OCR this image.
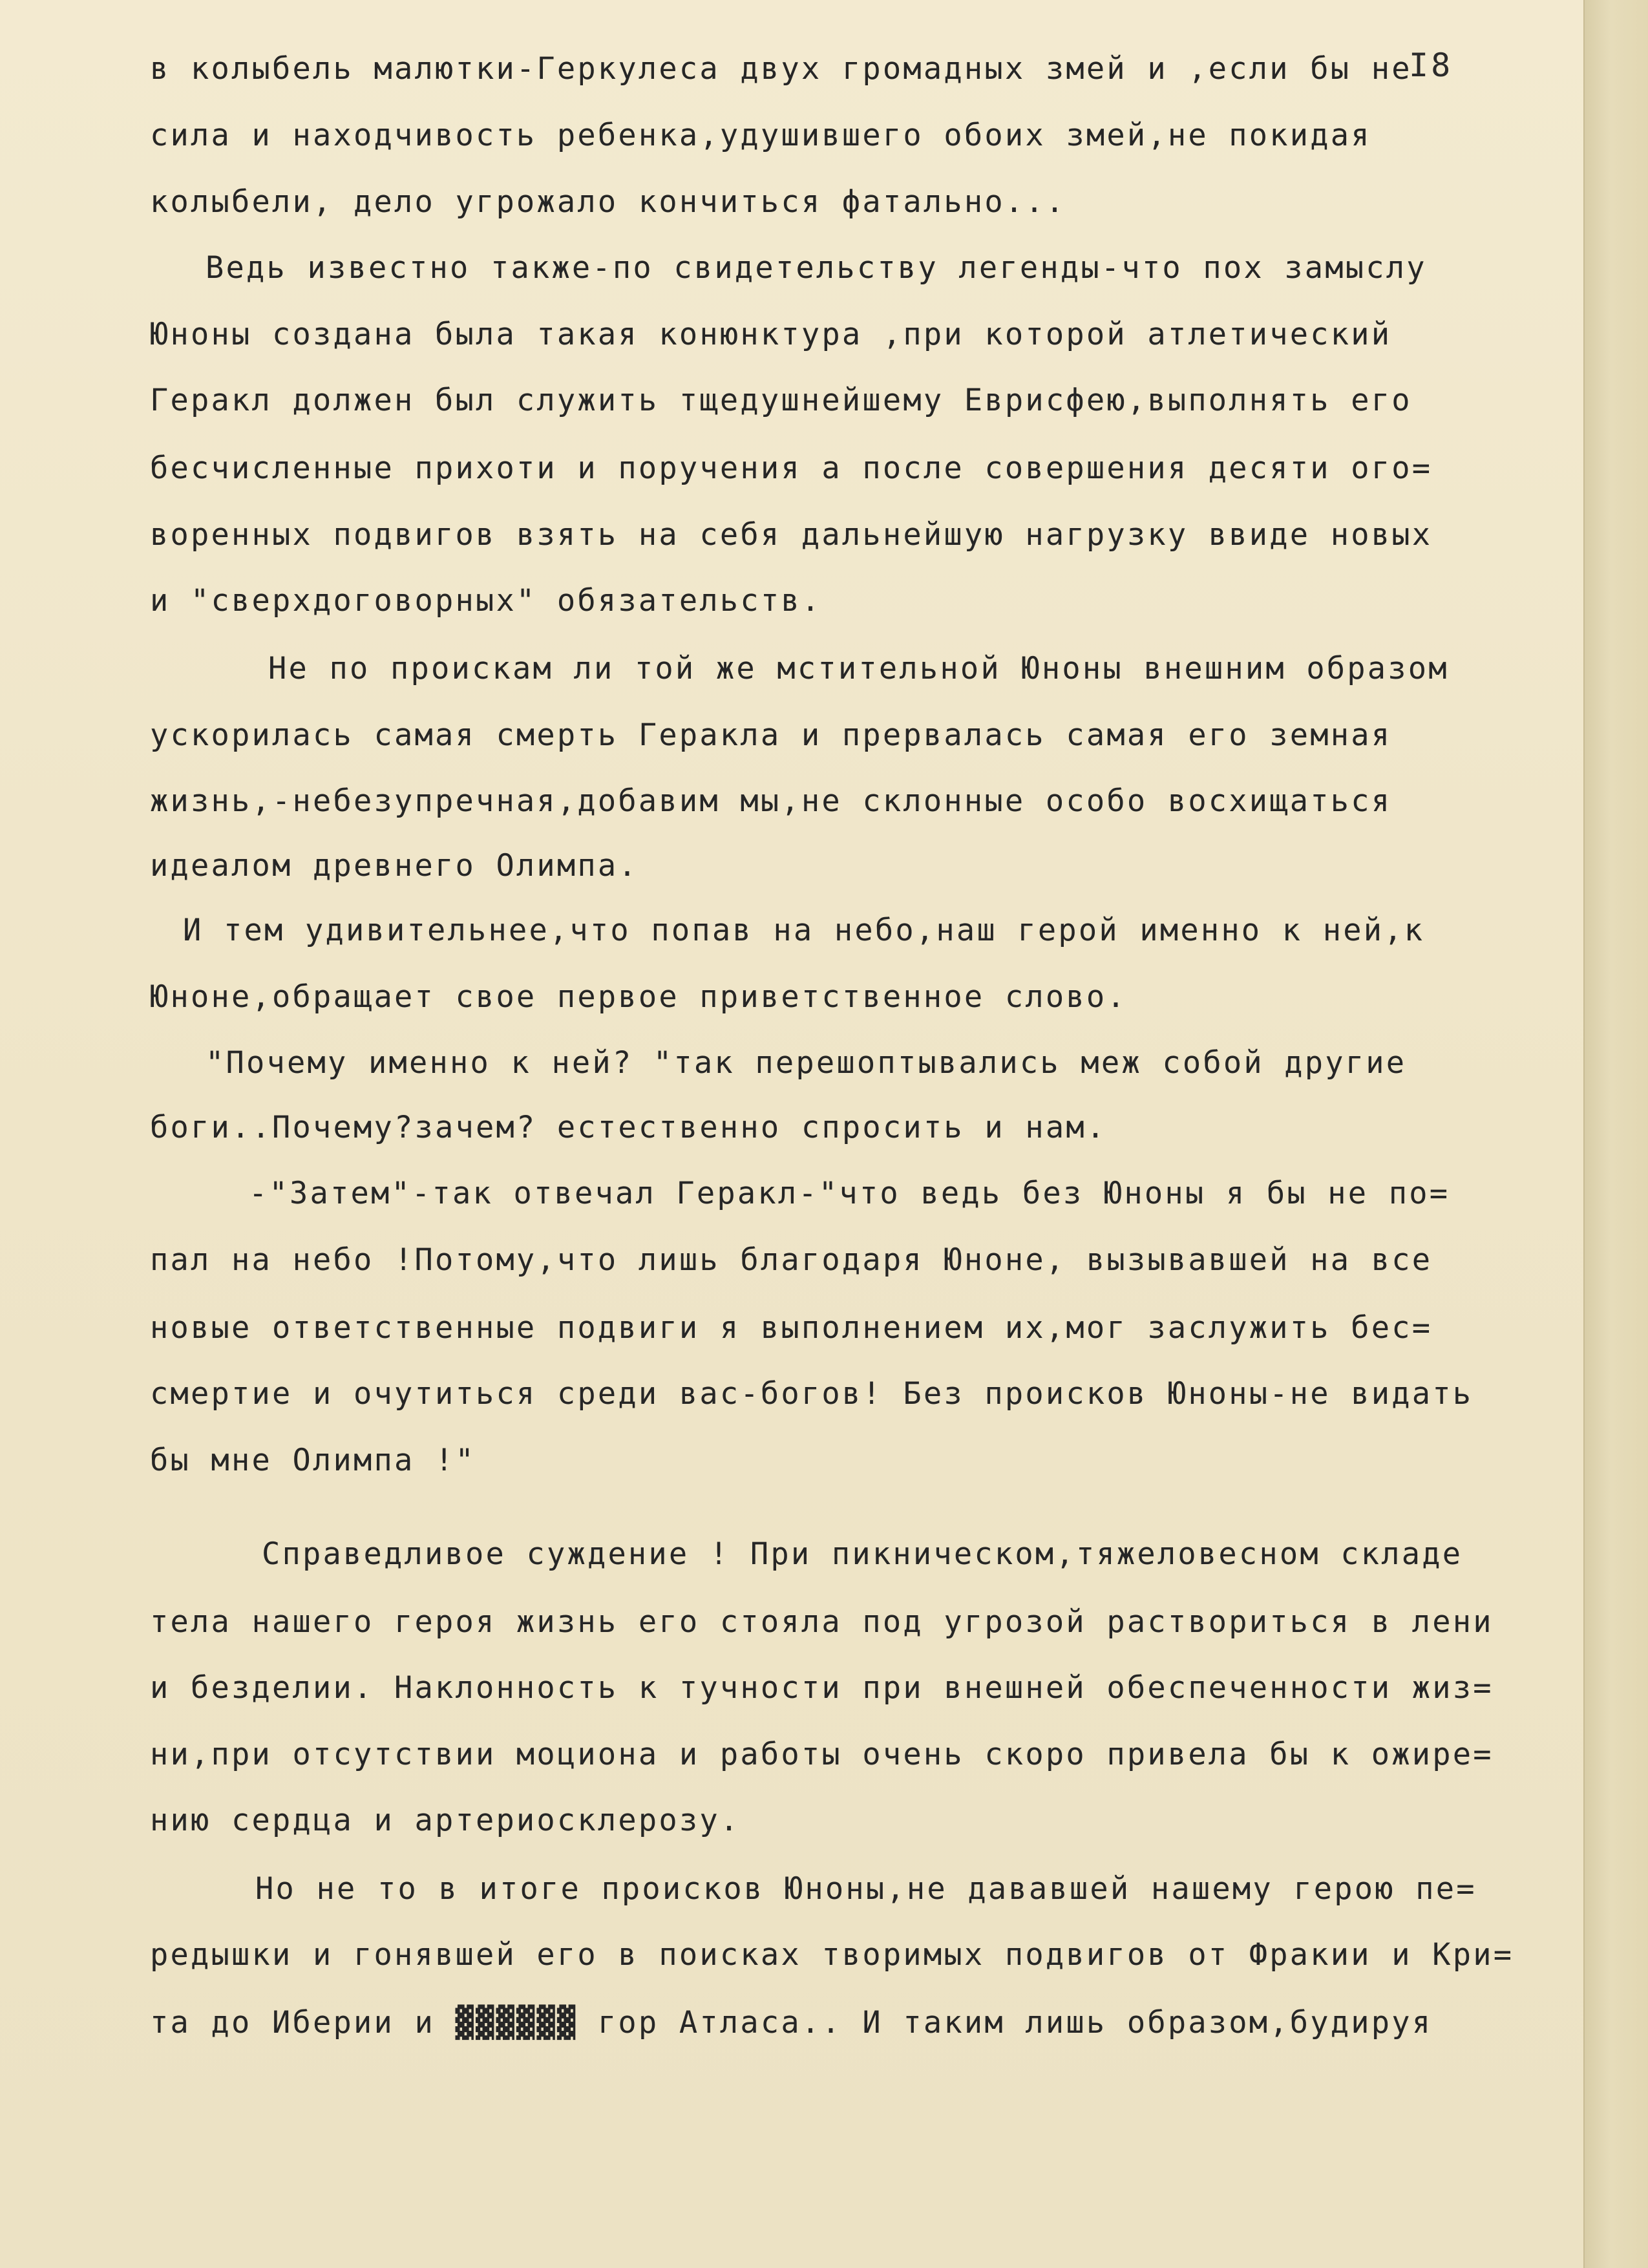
I8
в колыбель малютки-Геркулеса двух громадных змей и ,если бы не
сила и находчивость ребенка,удушившего обоих змей,не покидая
колыбели, дело угрожало кончиться фатально...
Ведь известно также-по свидетельству легенды-что пох замыслу
Юноны создана была такая конюнктура ,при которой атлетический
Геракл должен был служить тщедушнейшему Еврисфею,выполнять его
бесчисленные прихоти и поручения а после совершения десяти ого=
воренных подвигов взять на себя дальнейшую нагрузку ввиде новых
и "сверхдоговорных" обязательств.
Не по проискам ли той же мстительной Юноны внешним образом
ускорилась самая смерть Геракла и прервалась самая его земная
жизнь,-небезупречная,добавим мы,не склонные особо восхищаться
идеалом древнего Олимпа.
И тем удивительнее,что попав на небо,наш герой именно к ней,к
Юноне,обращает свое первое приветственное слово.
"Почему именно к ней? "так перешоптывались меж собой другие
боги..Почему?зачем? естественно спросить и нам.
-"Затем"-так отвечал Геракл-"что ведь без Юноны я бы не по=
пал на небо !Потому,что лишь благодаря Юноне, вызывавшей на все
новые ответственные подвиги я выполнением их,мог заслужить бес=
смертие и очутиться среди вас-богов! Без происков Юноны-не видать
бы мне Олимпа !"
Справедливое суждение ! При пикническом,тяжеловесном складе
тела нашего героя жизнь его стояла под угрозой раствориться в лени
и безделии. Наклонность к тучности при внешней обеспеченности жиз=
ни,при отсутствии моциона и работы очень скоро привела бы к ожире=
нию сердца и артериосклерозу.
Но не то в итоге происков Юноны,не дававшей нашему герою пе=
редышки и гонявшей его в поисках творимых подвигов от Фракии и Кри=
та до Иберии и ▓▓▓▓▓▓ гор Атласа.. И таким лишь образом,будируя
